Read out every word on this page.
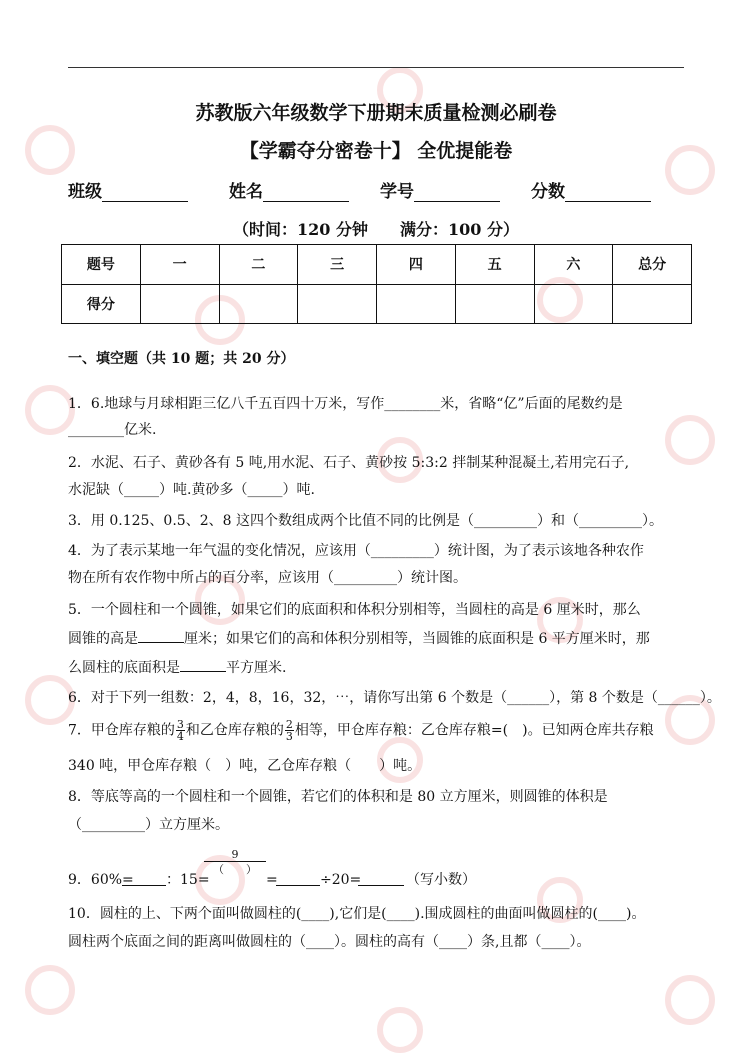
苏教版六年级数学下册期末质量检测必刷卷
【学霸夺分密卷十】 全优提能卷
班级	姓名	学号	分数
（时间：120 分钟　　满分：100 分）
题号	一	二	三	四	五	六	总分
得分							
一、填空题（共 10 题；共 20 分）
1．6.地球与月球相距三亿八千五百四十万米，写作________米，省略“亿”后面的尾数约是
________亿米.
2．水泥、石子、黄砂各有 5 吨,用水泥、石子、黄砂按 5:3:2 拌制某种混凝土,若用完石子,
水泥缺（_____）吨.黄砂多（_____）吨.
3．用 0.125、0.5、2、8 这四个数组成两个比值不同的比例是（_________）和（_________）。
4．为了表示某地一年气温的变化情况，应该用（_________）统计图，为了表示该地各种农作
物在所有农作物中所占的百分率，应该用（_________）统计图。
5．一个圆柱和一个圆锥，如果它们的底面积和体积分别相等，当圆柱的高是 6 厘米时，那么
圆锥的高是	厘米；如果它们的高和体积分别相等，当圆锥的底面积是 6 平方厘米时，那
么圆柱的底面积是	平方厘米.
6．对于下列一组数：2，4，8，16，32，⋯，请你写出第 6 个数是（______），第 8 个数是（______）。
7．甲仓库存粮的 $\frac{3}{4}$ 和乙仓库存粮的 $\frac{2}{3}$ 相等，甲仓库存粮：乙仓库存粮=(　)。已知两仓库共存粮
340 吨，甲仓库存粮（　）吨，乙仓库存粮（　　）吨。
8．等底等高的一个圆柱和一个圆锥，若它们的体积和是 80 立方厘米，则圆锥的体积是
（_________）立方厘米。
9
（　　）
9．60%= ：15=	=	÷20=	（写小数）
10．圆柱的上、下两个面叫做圆柱的(____),它们是(____).围成圆柱的曲面叫做圆柱的(____)。
圆柱两个底面之间的距离叫做圆柱的（____）。圆柱的高有（____）条,且都（____）。
